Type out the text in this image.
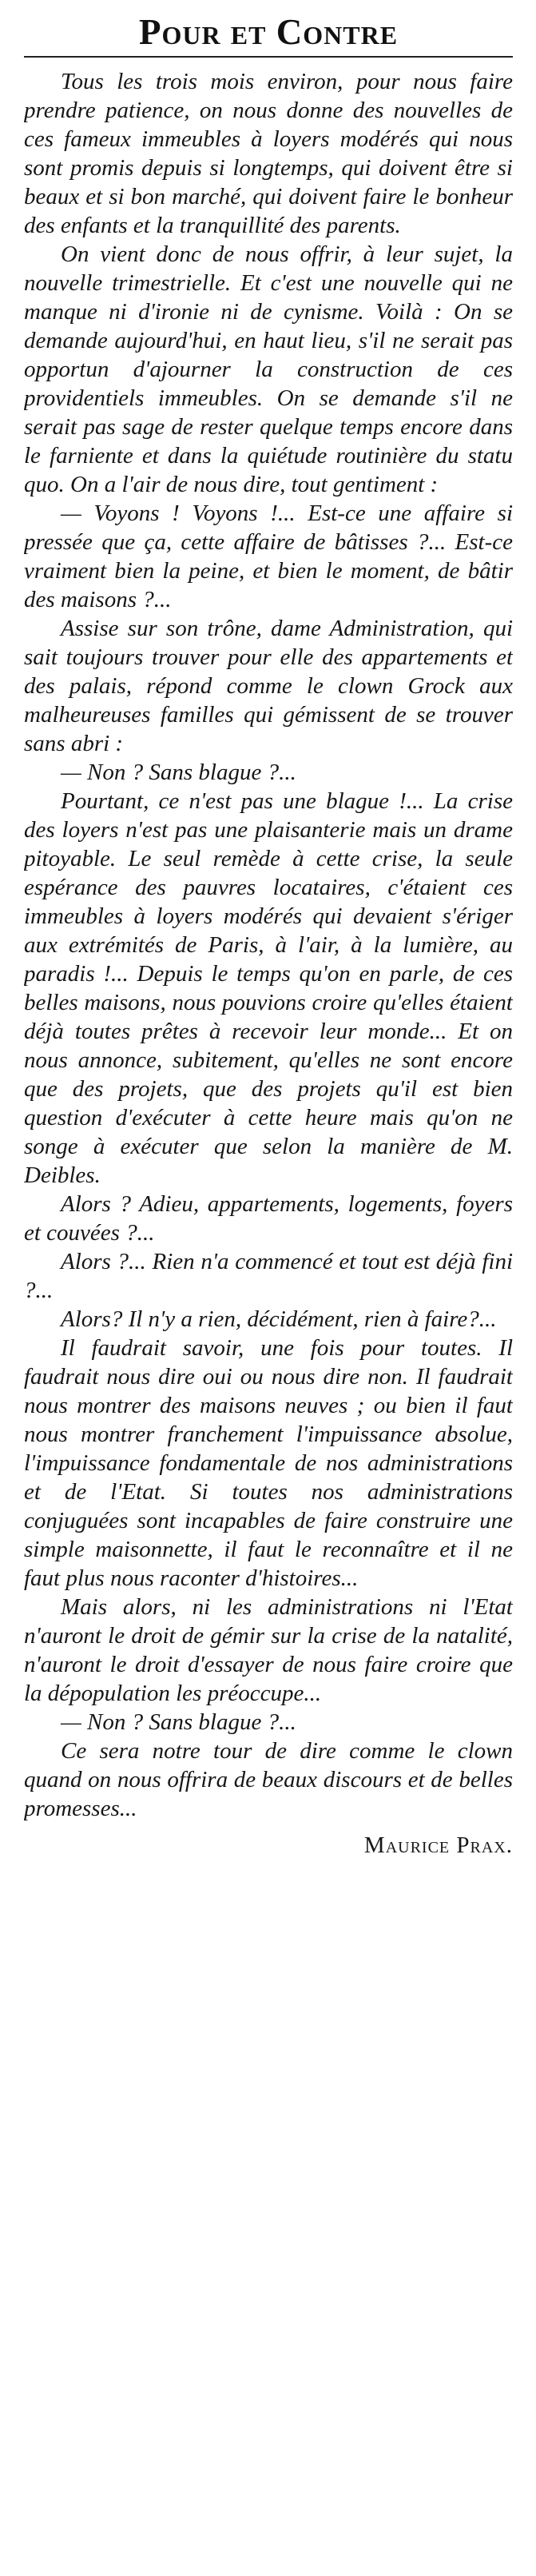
Pour et Contre

Tous les trois mois environ, pour nous faire prendre patience, on nous donne des nouvelles de ces fameux immeubles à loyers modérés qui nous sont promis depuis si longtemps, qui doivent être si beaux et si bon marché, qui doivent faire le bonheur des enfants et la tranquillité des parents.

On vient donc de nous offrir, à leur sujet, la nouvelle trimestrielle. Et c'est une nouvelle qui ne manque ni d'ironie ni de cynisme. Voilà : On se demande aujourd'hui, en haut lieu, s'il ne serait pas opportun d'ajourner la construction de ces providentiels immeubles. On se demande s'il ne serait pas sage de rester quelque temps encore dans le farniente et dans la quiétude routinière du statu quo. On a l'air de nous dire, tout gentiment :

— Voyons ! Voyons !... Est-ce une affaire si pressée que ça, cette affaire de bâtisses ?... Est-ce vraiment bien la peine, et bien le moment, de bâtir des maisons ?...

Assise sur son trône, dame Administration, qui sait toujours trouver pour elle des appartements et des palais, répond comme le clown Grock aux malheureuses familles qui gémissent de se trouver sans abri :

— Non ? Sans blague ?...

Pourtant, ce n'est pas une blague !... La crise des loyers n'est pas une plaisanterie mais un drame pitoyable. Le seul remède à cette crise, la seule espérance des pauvres locataires, c'étaient ces immeubles à loyers modérés qui devaient s'ériger aux extrémités de Paris, à l'air, à la lumière, au paradis !... Depuis le temps qu'on en parle, de ces belles maisons, nous pouvions croire qu'elles étaient déjà toutes prêtes à recevoir leur monde... Et on nous annonce, subitement, qu'elles ne sont encore que des projets, que des projets qu'il est bien question d'exécuter à cette heure mais qu'on ne songe à exécuter que selon la manière de M. Deibles.

Alors ? Adieu, appartements, logements, foyers et couvées ?...

Alors ?... Rien n'a commencé et tout est déjà fini ?...

Alors? Il n'y a rien, décidément, rien à faire?...

Il faudrait savoir, une fois pour toutes. Il faudrait nous dire oui ou nous dire non. Il faudrait nous montrer des maisons neuves ; ou bien il faut nous montrer franchement l'impuissance absolue, l'impuissance fondamentale de nos administrations et de l'Etat. Si toutes nos administrations conjuguées sont incapables de faire construire une simple maisonnette, il faut le reconnaître et il ne faut plus nous raconter d'histoires...

Mais alors, ni les administrations ni l'Etat n'auront le droit de gémir sur la crise de la natalité, n'auront le droit d'essayer de nous faire croire que la dépopulation les préoccupe...

— Non ? Sans blague ?...

Ce sera notre tour de dire comme le clown quand on nous offrira de beaux discours et de belles promesses...

Maurice Prax.
